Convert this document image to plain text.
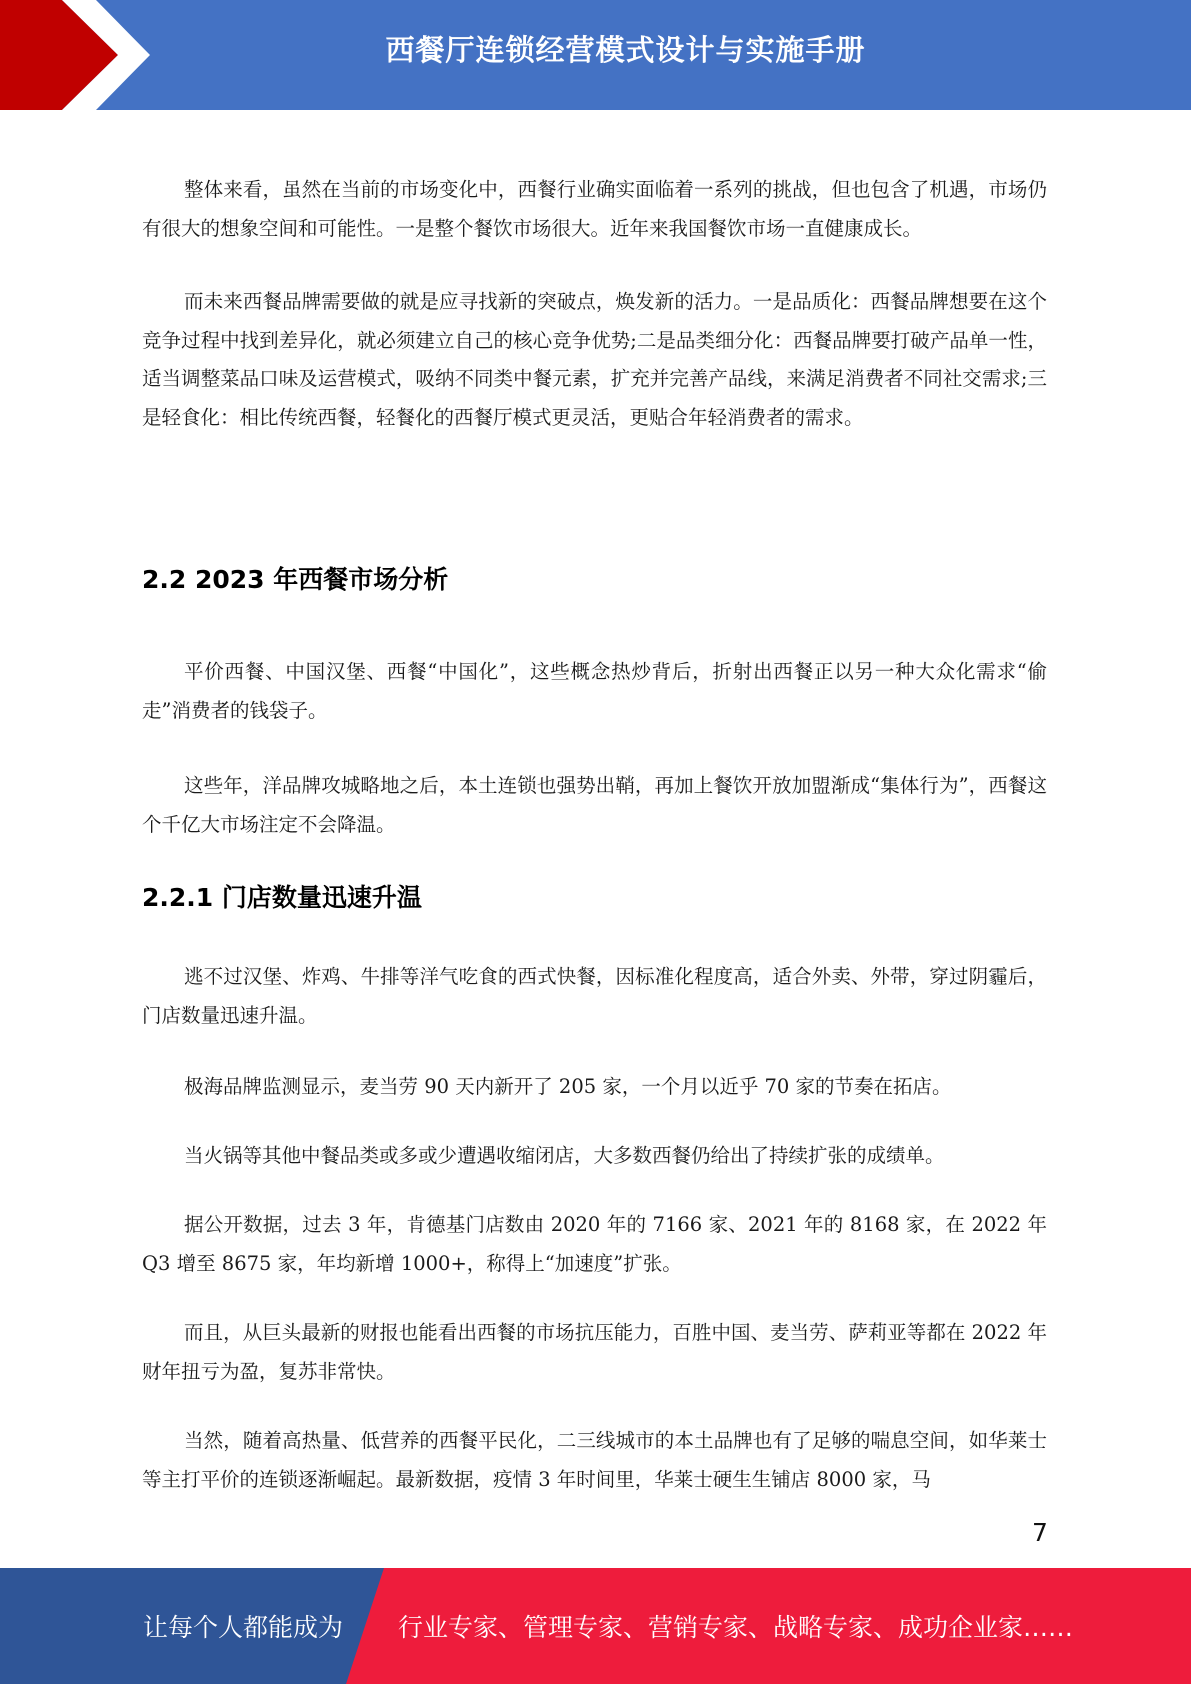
西餐厅连锁经营模式设计与实施手册

整体来看，虽然在当前的市场变化中，西餐行业确实面临着一系列的挑战，但也包含了机遇，市场仍有很大的想象空间和可能性。一是整个餐饮市场很大。近年来我国餐饮市场一直健康成长。

而未来西餐品牌需要做的就是应寻找新的突破点，焕发新的活力。一是品质化：西餐品牌想要在这个竞争过程中找到差异化，就必须建立自己的核心竞争优势;二是品类细分化：西餐品牌要打破产品单一性，适当调整菜品口味及运营模式，吸纳不同类中餐元素，扩充并完善产品线，来满足消费者不同社交需求;三是轻食化：相比传统西餐，轻餐化的西餐厅模式更灵活，更贴合年轻消费者的需求。

2.2 2023 年西餐市场分析

平价西餐、中国汉堡、西餐“中国化”，这些概念热炒背后，折射出西餐正以另一种大众化需求“偷走”消费者的钱袋子。

这些年，洋品牌攻城略地之后，本土连锁也强势出鞘，再加上餐饮开放加盟渐成“集体行为”，西餐这个千亿大市场注定不会降温。

2.2.1 门店数量迅速升温

逃不过汉堡、炸鸡、牛排等洋气吃食的西式快餐，因标准化程度高，适合外卖、外带，穿过阴霾后，门店数量迅速升温。

极海品牌监测显示，麦当劳 90 天内新开了 205 家，一个月以近乎 70 家的节奏在拓店。

当火锅等其他中餐品类或多或少遭遇收缩闭店，大多数西餐仍给出了持续扩张的成绩单。

据公开数据，过去 3 年，肯德基门店数由 2020 年的 7166 家、2021 年的 8168 家，在 2022 年 Q3 增至 8675 家，年均新增 1000+，称得上“加速度”扩张。

而且，从巨头最新的财报也能看出西餐的市场抗压能力，百胜中国、麦当劳、萨莉亚等都在 2022 年财年扭亏为盈，复苏非常快。

当然，随着高热量、低营养的西餐平民化，二三线城市的本土品牌也有了足够的喘息空间，如华莱士等主打平价的连锁逐渐崛起。最新数据，疫情 3 年时间里，华莱士硬生生铺店 8000 家，马

7
让每个人都能成为 行业专家、管理专家、营销专家、战略专家、成功企业家……
